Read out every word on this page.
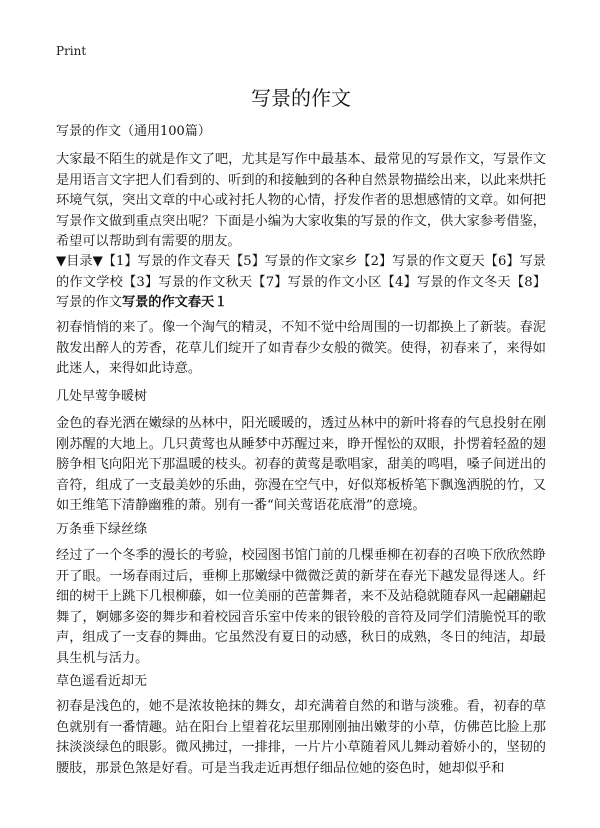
Print
写景的作文
写景的作文（通用100篇）

大家最不陌生的就是作文了吧，尤其是写作中最基本、最常见的写景作文，写景作文是用语言文字把人们看到的、听到的和接触到的各种自然景物描绘出来，以此来烘托环境气氛，突出文章的中心或衬托人物的心情，抒发作者的思想感情的文章。如何把写景作文做到重点突出呢？下面是小编为大家收集的写景的作文，供大家参考借鉴，希望可以帮助到有需要的朋友。

▼目录▼【1】写景的作文春天【5】写景的作文家乡【2】写景的作文夏天【6】写景的作文学校【3】写景的作文秋天【7】写景的作文小区【4】写景的作文冬天【8】写景的作文写景的作文春天１

初春悄悄的来了。像一个淘气的精灵，不知不觉中给周围的一切都换上了新装。春泥散发出醉人的芳香，花草儿们绽开了如青春少女般的微笑。使得，初春来了，来得如此迷人，来得如此诗意。

几处早莺争暖树

金色的春光洒在嫩绿的丛林中，阳光暖暖的，透过丛林中的新叶将春的气息投射在刚刚苏醒的大地上。几只黄莺也从睡梦中苏醒过来，睁开惺忪的双眼，扑愣着轻盈的翅膀争相飞向阳光下那温暖的枝头。初春的黄莺是歌唱家，甜美的鸣唱，嗓子间迸出的音符，组成了一支最美妙的乐曲，弥漫在空气中，好似郑板桥笔下飘逸洒脱的竹，又如王维笔下清静幽雅的萧。别有一番“间关莺语花底滑”的意境。

万条垂下绿丝绦

经过了一个冬季的漫长的考验，校园图书馆门前的几棵垂柳在初春的召唤下欣欣然睁开了眼。一场春雨过后，垂柳上那嫩绿中微微泛黄的新芽在春光下越发显得迷人。纤细的树干上跳下几根柳藤，如一位美丽的芭蕾舞者，来不及站稳就随春风一起翩翩起舞了，婀娜多姿的舞步和着校园音乐室中传来的银铃般的音符及同学们清脆悦耳的歌声，组成了一支春的舞曲。它虽然没有夏日的动感，秋日的成熟，冬日的纯洁，却最具生机与活力。

草色遥看近却无

初春是浅色的，她不是浓妆艳抹的舞女，却充满着自然的和谐与淡雅。看，初春的草色就别有一番情趣。站在阳台上望着花坛里那刚刚抽出嫩芽的小草，仿佛芭比脸上那抹淡淡绿色的眼影。微风拂过，一排排，一片片小草随着风儿舞动着娇小的，坚韧的腰肢，那景色煞是好看。可是当我走近再想仔细品位她的姿色时，她却似乎和
